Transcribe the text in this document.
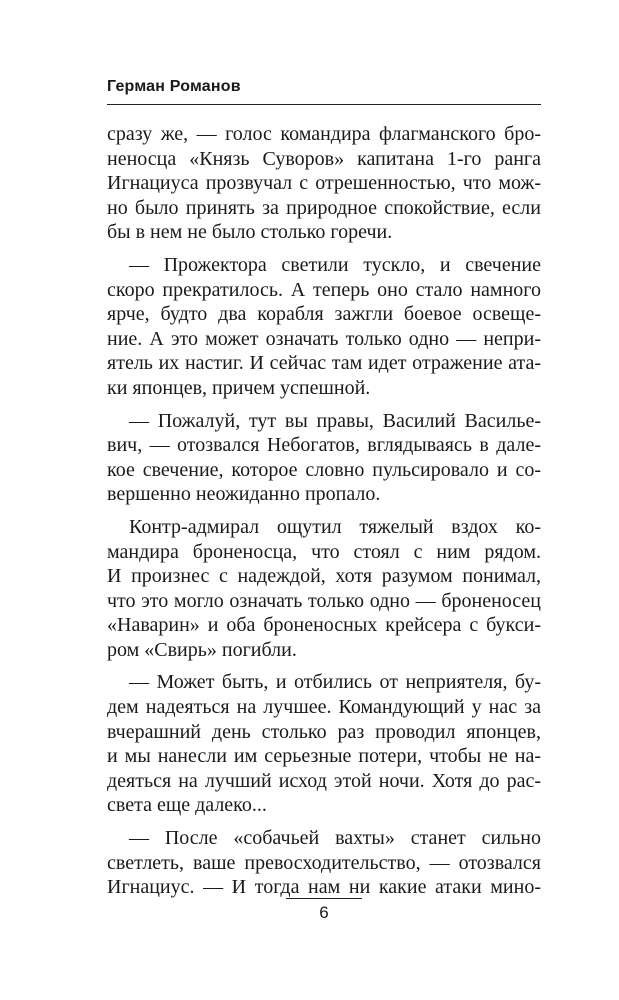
Герман Романов
сразу же, — голос командира флагманского бро-
неносца «Князь Суворов» капитана 1-го ранга
Игнациуса прозвучал с отрешенностью, что мож-
но было принять за природное спокойствие, если
бы в нем не было столько горечи.
— Прожектора светили тускло, и свечение
скоро прекратилось. А теперь оно стало намного
ярче, будто два корабля зажгли боевое освеще-
ние. А это может означать только одно — непри-
ятель их настиг. И сейчас там идет отражение ата-
ки японцев, причем успешной.
— Пожалуй, тут вы правы, Василий Василье-
вич, — отозвался Небогатов, вглядываясь в дале-
кое свечение, которое словно пульсировало и со-
вершенно неожиданно пропало.
Контр-адмирал ощутил тяжелый вздох ко-
мандира броненосца, что стоял с ним рядом.
И произнес с надеждой, хотя разумом понимал,
что это могло означать только одно — броненосец
«Наварин» и оба броненосных крейсера с букси-
ром «Свирь» погибли.
— Может быть, и отбились от неприятеля, бу-
дем надеяться на лучшее. Командующий у нас за
вчерашний день столько раз проводил японцев,
и мы нанесли им серьезные потери, чтобы не на-
деяться на лучший исход этой ночи. Хотя до рас-
света еще далеко...
— После «собачьей вахты» станет сильно
светлеть, ваше превосходительство, — отозвался
Игнациус. — И тогда нам ни какие атаки мино-
6
